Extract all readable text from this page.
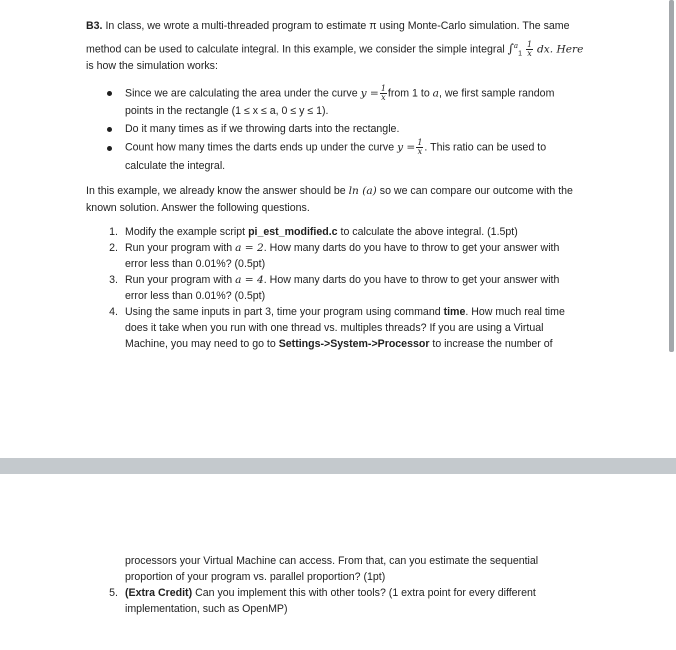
B3. In class, we wrote a multi-threaded program to estimate π using Monte-Carlo simulation. The same
method can be used to calculate integral. In this example, we consider the simple integral $\int^a_1 \frac{1}{x}$ dx. Here
is how the simulation works:
Since we are calculating the area under the curve $y = \frac{1}{x}$ from 1 to a, we first sample random
points in the rectangle (1 ≤ x ≤ a, 0 ≤ y ≤ 1).
Do it many times as if we throwing darts into the rectangle.
Count how many times the darts ends up under the curve $y = \frac{1}{x}$ . This ratio can be used to
calculate the integral.
In this example, we already know the answer should be ln (a) so we can compare our outcome with the
known solution. Answer the following questions.
1. Modify the example script pi_est_modified.c to calculate the above integral. (1.5pt)
2. Run your program with a = 2. How many darts do you have to throw to get your answer with
error less than 0.01%? (0.5pt)
3. Run your program with a = 4. How many darts do you have to throw to get your answer with
error less than 0.01%? (0.5pt)
4. Using the same inputs in part 3, time your program using command time. How much real time
does it take when you run with one thread vs. multiples threads? If you are using a Virtual
Machine, you may need to go to Settings->System->Processor to increase the number of
processors your Virtual Machine can access. From that, can you estimate the sequential
proportion of your program vs. parallel proportion? (1pt)
5. (Extra Credit) Can you implement this with other tools? (1 extra point for every different
implementation, such as OpenMP)
